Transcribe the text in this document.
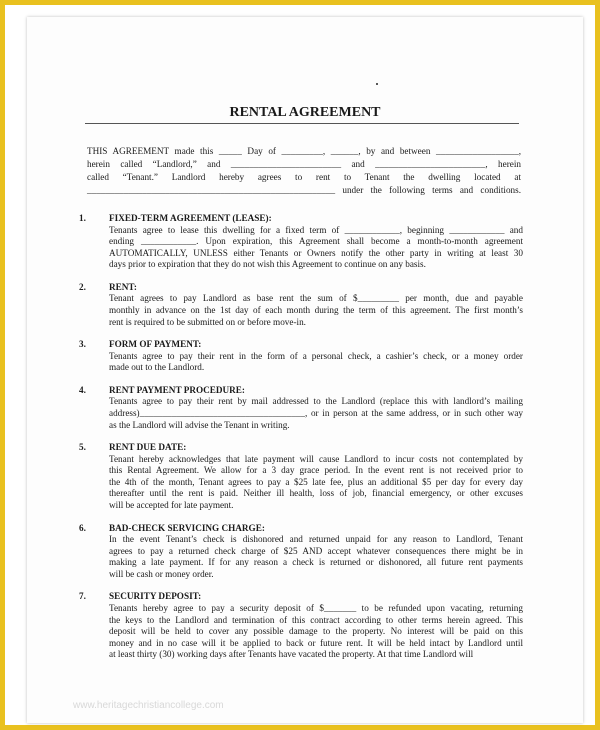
RENTAL AGREEMENT
THIS AGREEMENT made this _____ Day of _________, ______, by and between __________________,
herein called “Landlord,” and ________________________ and ________________________, herein
called “Tenant.” Landlord hereby agrees to rent to Tenant the dwelling located at
______________________________________________________ under the following terms and conditions.
1.	FIXED-TERM AGREEMENT (LEASE):
Tenants agree to lease this dwelling for a fixed term of ____________, beginning ____________ and
ending ____________. Upon expiration, this Agreement shall become a month-to-month agreement
AUTOMATICALLY, UNLESS either Tenants or Owners notify the other party in writing at least 30
days prior to expiration that they do not wish this Agreement to continue on any basis.
2.	RENT:
Tenant agrees to pay Landlord as base rent the sum of $_________ per month, due and payable
monthly in advance on the 1st day of each month during the term of this agreement. The first month’s
rent is required to be submitted on or before move-in.
3.	FORM OF PAYMENT:
Tenants agree to pay their rent in the form of a personal check, a cashier’s check, or a money order
made out to the Landlord.
4.	RENT PAYMENT PROCEDURE:
Tenants agree to pay their rent by mail addressed to the Landlord (replace this with landlord’s mailing
address)____________________________________, or in person at the same address, or in such other way
as the Landlord will advise the Tenant in writing.
5.	RENT DUE DATE:
Tenant hereby acknowledges that late payment will cause Landlord to incur costs not contemplated by
this Rental Agreement. We allow for a 3 day grace period. In the event rent is not received prior to
the 4th of the month, Tenant agrees to pay a $25 late fee, plus an additional $5 per day for every day
thereafter until the rent is paid. Neither ill health, loss of job, financial emergency, or other excuses
will be accepted for late payment.
6.	BAD-CHECK SERVICING CHARGE:
In the event Tenant’s check is dishonored and returned unpaid for any reason to Landlord, Tenant
agrees to pay a returned check charge of $25 AND accept whatever consequences there might be in
making a late payment. If for any reason a check is returned or dishonored, all future rent payments
will be cash or money order.
7.	SECURITY DEPOSIT:
Tenants hereby agree to pay a security deposit of $_______ to be refunded upon vacating, returning
the keys to the Landlord and termination of this contract according to other terms herein agreed. This
deposit will be held to cover any possible damage to the property. No interest will be paid on this
money and in no case will it be applied to back or future rent. It will be held intact by Landlord until
at least thirty (30) working days after Tenants have vacated the property. At that time Landlord will
www.heritagechristiancollege.com
